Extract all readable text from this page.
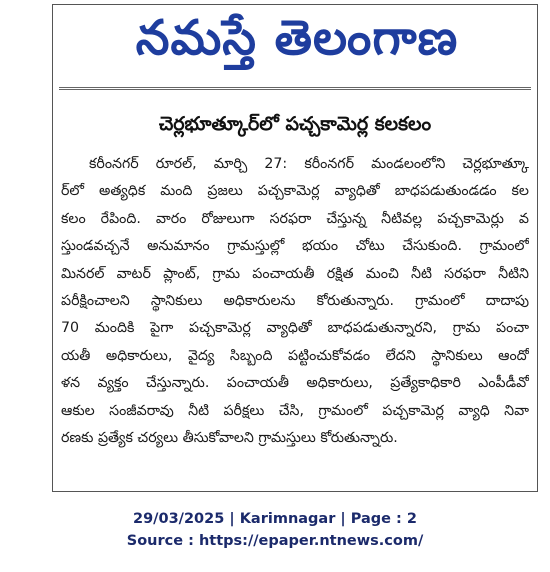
నమస్తే తెలంగాణ
చెర్లభూత్కూర్‌లో పచ్చకామెర్ల కలకలం
కరీంనగర్ రూరల్, మార్చి 27: కరీంనగర్ మండలంలోని చెర్లభూత్కూ
ర్‌లో అత్యధిక మంది ప్రజలు పచ్చకామెర్ల వ్యాధితో బాధపడుతుండడం కల
కలం రేపింది. వారం రోజులుగా సరఫరా చేస్తున్న నీటివల్ల పచ్చకామెర్లు వ
స్తుండవచ్చనే అనుమానం గ్రామస్తుల్లో భయం చోటు చేసుకుంది. గ్రామంలో
మినరల్ వాటర్ ప్లాంట్, గ్రామ పంచాయతీ రక్షిత మంచి నీటి సరఫరా నీటిని
పరీక్షించాలని స్థానికులు అధికారులను కోరుతున్నారు. గ్రామంలో దాదాపు
70 మందికి పైగా పచ్చకామెర్ల వ్యాధితో బాధపడుతున్నారని, గ్రామ పంచా
యతీ అధికారులు, వైద్య సిబ్బంది పట్టించుకోవడం లేదని స్థానికులు ఆందో
ళన వ్యక్తం చేస్తున్నారు. పంచాయతీ అధికారులు, ప్రత్యేకాధికారి ఎంపీడీవో
ఆకుల సంజీవరావు నీటి పరీక్షలు చేసి, గ్రామంలో పచ్చకామెర్ల వ్యాధి నివా
రణకు ప్రత్యేక చర్యలు తీసుకోవాలని గ్రామస్తులు కోరుతున్నారు.
29/03/2025 | Karimnagar | Page : 2
Source : https://epaper.ntnews.com/
